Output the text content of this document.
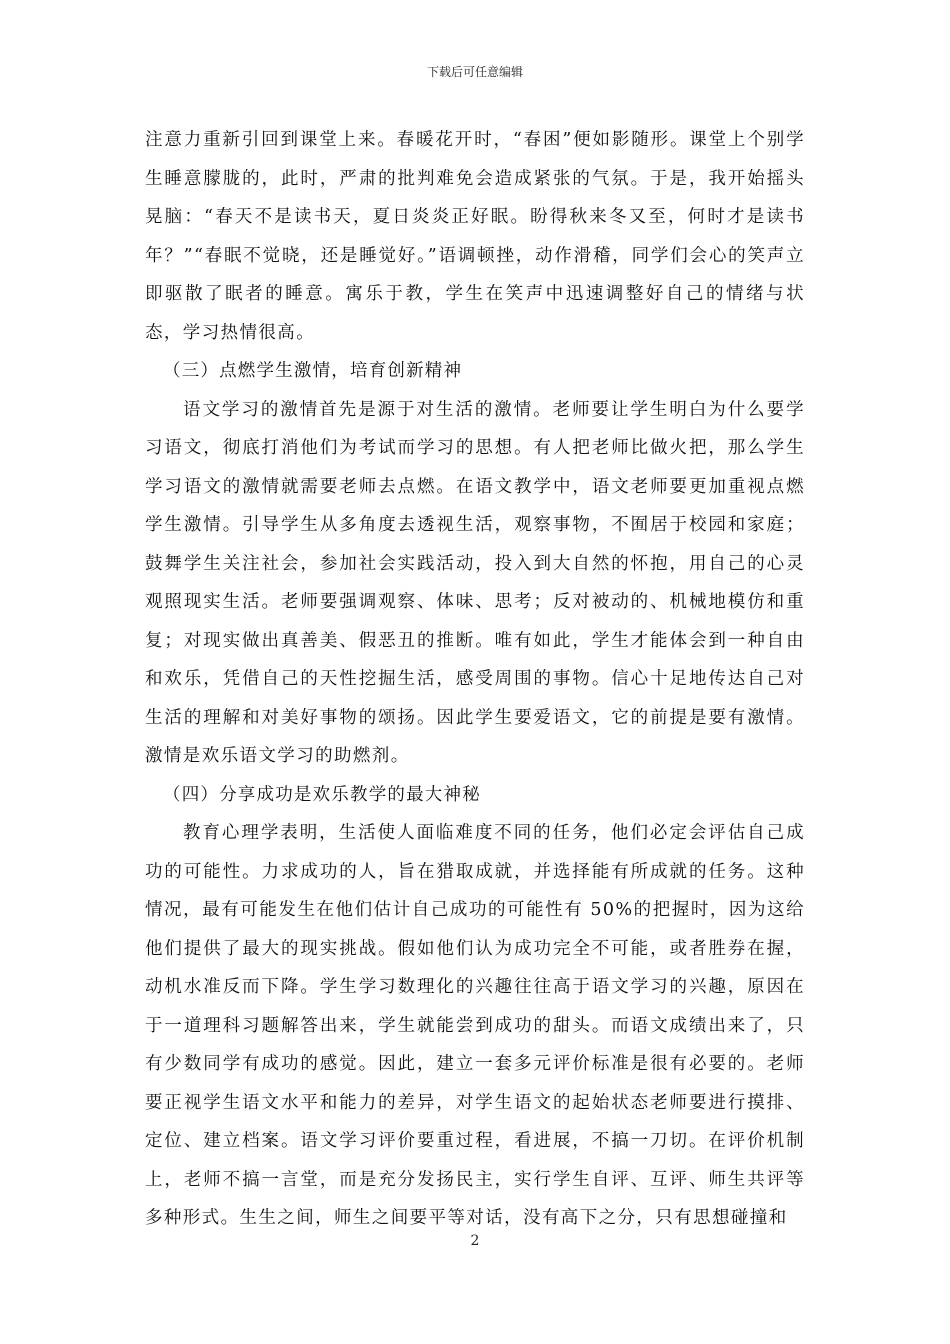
下载后可任意编辑

注意力重新引回到课堂上来。春暖花开时，“春困”便如影随形。课堂上个别学生睡意朦胧的，此时，严肃的批判难免会造成紧张的气氛。于是，我开始摇头晃脑：“春天不是读书天，夏日炎炎正好眠。盼得秋来冬又至，何时才是读书年？”“春眠不觉晓，还是睡觉好。”语调顿挫，动作滑稽，同学们会心的笑声立即驱散了眠者的睡意。寓乐于教，学生在笑声中迅速调整好自己的情绪与状态，学习热情很高。

（三）点燃学生激情，培育创新精神

语文学习的激情首先是源于对生活的激情。老师要让学生明白为什么要学习语文，彻底打消他们为考试而学习的思想。有人把老师比做火把，那么学生学习语文的激情就需要老师去点燃。在语文教学中，语文老师要更加重视点燃学生激情。引导学生从多角度去透视生活，观察事物，不囿居于校园和家庭；鼓舞学生关注社会，参加社会实践活动，投入到大自然的怀抱，用自己的心灵观照现实生活。老师要强调观察、体味、思考；反对被动的、机械地模仿和重复；对现实做出真善美、假恶丑的推断。唯有如此，学生才能体会到一种自由和欢乐，凭借自己的天性挖掘生活，感受周围的事物。信心十足地传达自己对生活的理解和对美好事物的颂扬。因此学生要爱语文，它的前提是要有激情。激情是欢乐语文学习的助燃剂。

（四）分享成功是欢乐教学的最大神秘

教育心理学表明，生活使人面临难度不同的任务，他们必定会评估自己成功的可能性。力求成功的人，旨在猎取成就，并选择能有所成就的任务。这种情况，最有可能发生在他们估计自己成功的可能性有 50%的把握时，因为这给他们提供了最大的现实挑战。假如他们认为成功完全不可能，或者胜券在握，动机水准反而下降。学生学习数理化的兴趣往往高于语文学习的兴趣，原因在于一道理科习题解答出来，学生就能尝到成功的甜头。而语文成绩出来了，只有少数同学有成功的感觉。因此，建立一套多元评价标准是很有必要的。老师要正视学生语文水平和能力的差异，对学生语文的起始状态老师要进行摸排、定位、建立档案。语文学习评价要重过程，看进展，不搞一刀切。在评价机制上，老师不搞一言堂，而是充分发扬民主，实行学生自评、互评、师生共评等多种形式。生生之间，师生之间要平等对话，没有高下之分，只有思想碰撞和

2
